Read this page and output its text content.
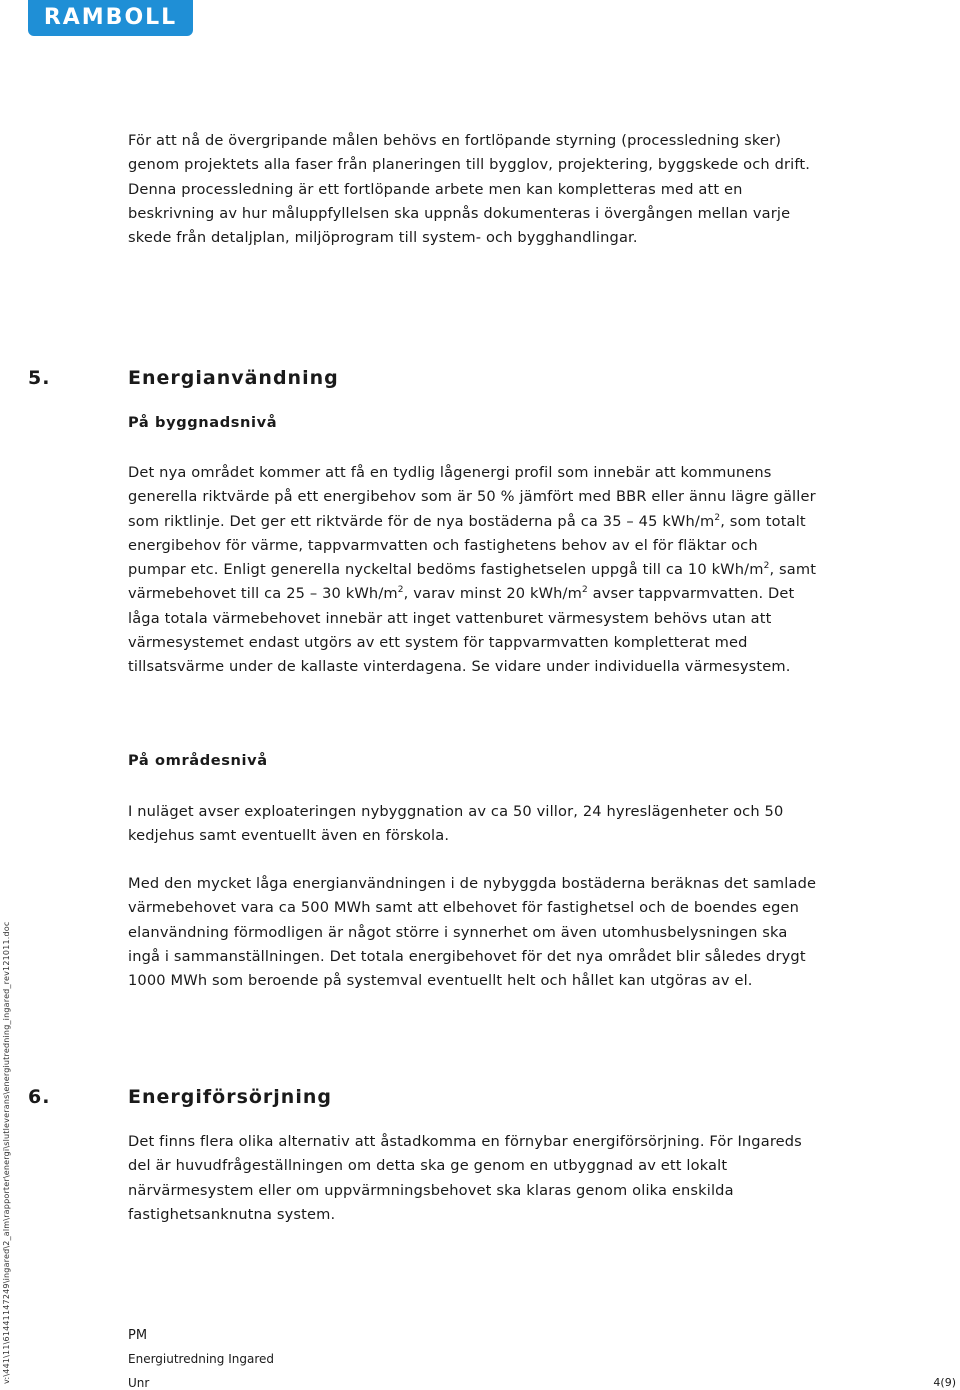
RAMBOLL

För att nå de övergripande målen behövs en fortlöpande styrning (processledning sker) genom projektets alla faser från planeringen till bygglov, projektering, byggskede och drift. Denna processledning är ett fortlöpande arbete men kan kompletteras med att en beskrivning av hur måluppfyllelsen ska uppnås dokumenteras i övergången mellan varje skede från detaljplan, miljöprogram till system- och bygghandlingar.

5.	Energianvändning

På byggnadsnivå

Det nya området kommer att få en tydlig lågenergi profil som innebär att kommunens generella riktvärde på ett energibehov som är 50 % jämfört med BBR eller ännu lägre gäller som riktlinje. Det ger ett riktvärde för de nya bostäderna på ca 35 – 45 kWh/$m^2$, som totalt energibehov för värme, tappvarmvatten och fastighetens behov av el för fläktar och pumpar etc. Enligt generella nyckeltal bedöms fastighetselen uppgå till ca 10 kWh/$m^2$, samt värmebehovet till ca 25 – 30 kWh/$m^2$, varav minst 20 kWh/$m^2$ avser tappvarmvatten. Det låga totala värmebehovet innebär att inget vattenburet värmesystem behövs utan att värmesystemet endast utgörs av ett system för tappvarmvatten kompletterat med tillsatsvärme under de kallaste vinterdagena. Se vidare under individuella värmesystem.

På områdesnivå

I nuläget avser exploateringen nybyggnation av ca 50 villor, 24 hyreslägenheter och 50 kedjehus samt eventuellt även en förskola.

Med den mycket låga energianvändningen i de nybyggda bostäderna beräknas det samlade värmebehovet vara ca 500 MWh samt att elbehovet för fastighetsel och de boendes egen elanvändning förmodligen är något större i synnerhet om även utomhusbelysningen ska ingå i sammanställningen. Det totala energibehovet för det nya området blir således drygt 1000 MWh som beroende på systemval eventuellt helt och hållet kan utgöras av el.

6.	Energiförsörjning

Det finns flera olika alternativ att åstadkomma en förnybar energiförsörjning. För Ingareds del är huvudfrågeställningen om detta ska ge genom en utbyggnad av ett lokalt närvärmesystem eller om uppvärmningsbehovet ska klaras genom olika enskilda fastighetsanknutna system.

PM
Energiutredning Ingared
Unr	4(9)
v:\441\11\61441147249\ingared\2_alm\rapporter\energi\slutleverans\energiutredning_ingared_rev121011.doc
